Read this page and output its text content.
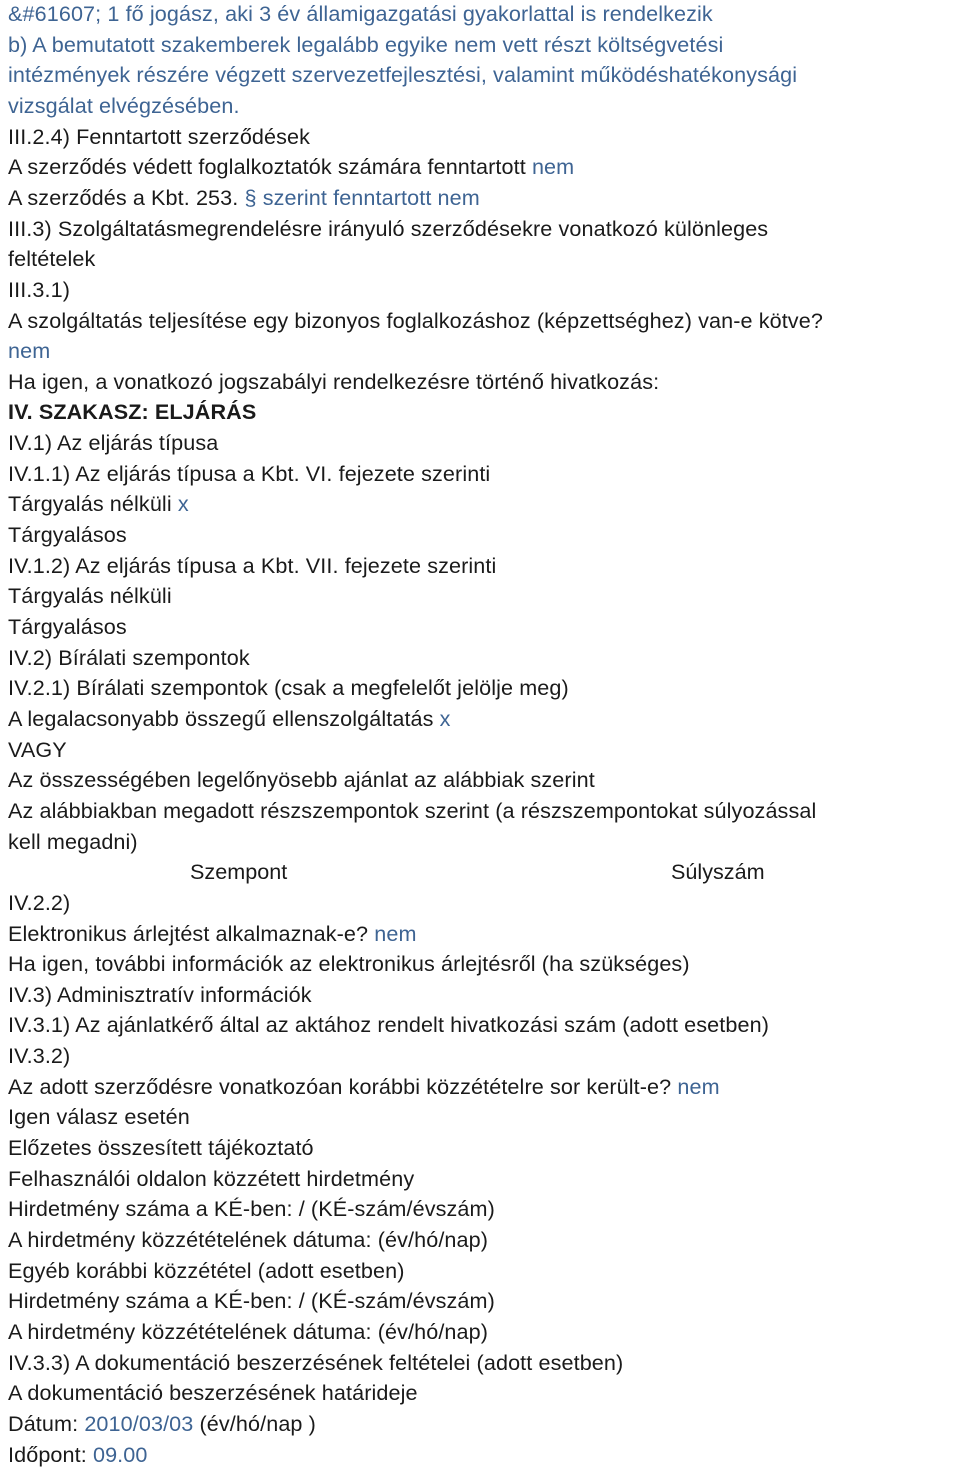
Szempont	Súlyszám
&#61607; 1 fő jogász, aki 3 év államigazgatási gyakorlattal is rendelkezik
b) A bemutatott szakemberek legalább egyike nem vett részt költségvetési
intézmények részére végzett szervezetfejlesztési, valamint működéshatékonysági
vizsgálat elvégzésében.
III.2.4) Fenntartott szerződések
A szerződés védett foglalkoztatók számára fenntartott nem
A szerződés a Kbt. 253. § szerint fenntartott nem
III.3) Szolgáltatásmegrendelésre irányuló szerződésekre vonatkozó különleges
feltételek
III.3.1)
A szolgáltatás teljesítése egy bizonyos foglalkozáshoz (képzettséghez) van-e kötve?
nem
Ha igen, a vonatkozó jogszabályi rendelkezésre történő hivatkozás:
IV. SZAKASZ: ELJÁRÁS
IV.1) Az eljárás típusa
IV.1.1) Az eljárás típusa a Kbt. VI. fejezete szerinti
Tárgyalás nélküli x
Tárgyalásos
IV.1.2) Az eljárás típusa a Kbt. VII. fejezete szerinti
Tárgyalás nélküli
Tárgyalásos
IV.2) Bírálati szempontok
IV.2.1) Bírálati szempontok (csak a megfelelőt jelölje meg)
A legalacsonyabb összegű ellenszolgáltatás x
VAGY
Az összességében legelőnyösebb ajánlat az alábbiak szerint
Az alábbiakban megadott részszempontok szerint (a részszempontokat súlyozással
kell megadni)
IV.2.2)
Elektronikus árlejtést alkalmaznak-e? nem
Ha igen, további információk az elektronikus árlejtésről (ha szükséges)
IV.3) Adminisztratív információk
IV.3.1) Az ajánlatkérő által az aktához rendelt hivatkozási szám (adott esetben)
IV.3.2)
Az adott szerződésre vonatkozóan korábbi közzétételre sor került-e? nem
Igen válasz esetén
Előzetes összesített tájékoztató
Felhasználói oldalon közzétett hirdetmény
Hirdetmény száma a KÉ-ben: / (KÉ-szám/évszám)
A hirdetmény közzétételének dátuma: (év/hó/nap)
Egyéb korábbi közzététel (adott esetben)
Hirdetmény száma a KÉ-ben: / (KÉ-szám/évszám)
A hirdetmény közzétételének dátuma: (év/hó/nap)
IV.3.3) A dokumentáció beszerzésének feltételei (adott esetben)
A dokumentáció beszerzésének határideje
Dátum: 2010/03/03 (év/hó/nap )
Időpont: 09.00
